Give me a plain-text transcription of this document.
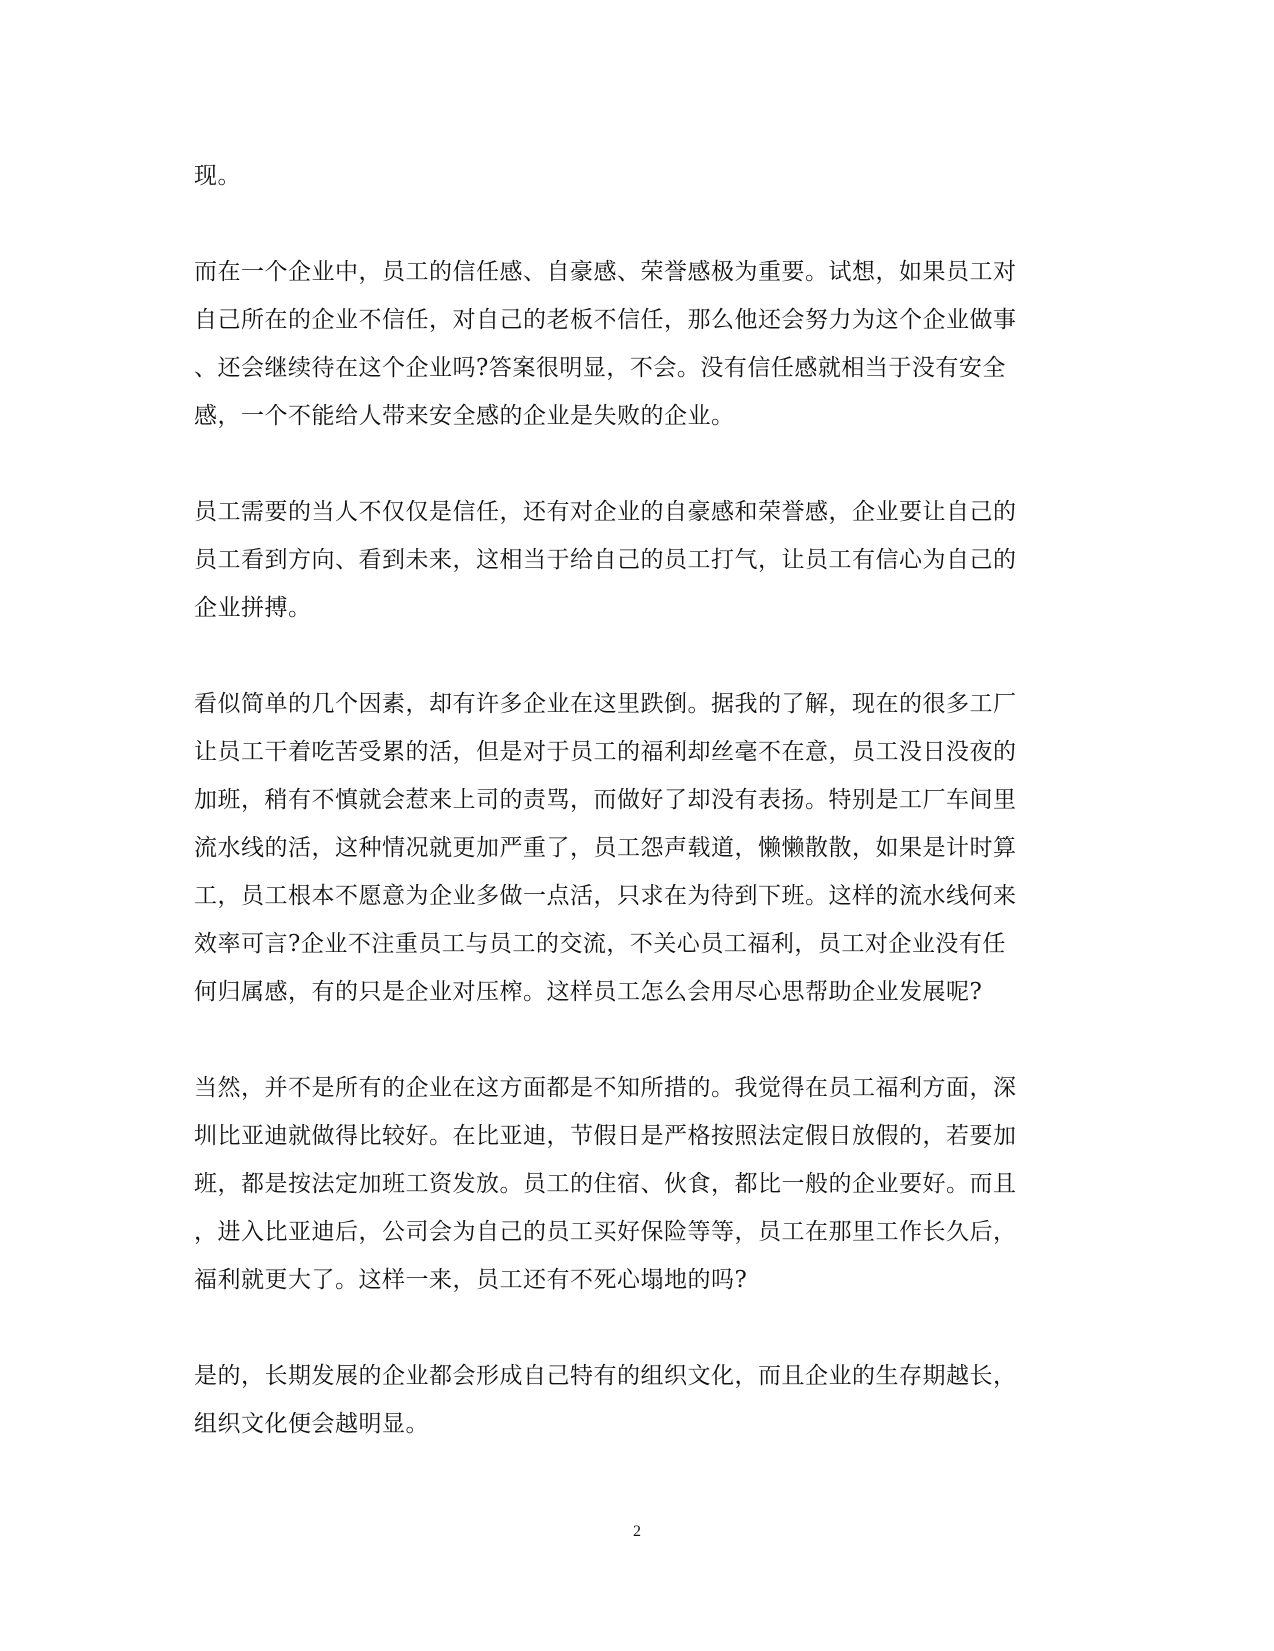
现。
而在一个企业中，员工的信任感、自豪感、荣誉感极为重要。试想，如果员工对
自己所在的企业不信任，对自己的老板不信任，那么他还会努力为这个企业做事
、还会继续待在这个企业吗?答案很明显，不会。没有信任感就相当于没有安全
感，一个不能给人带来安全感的企业是失败的企业。
员工需要的当人不仅仅是信任，还有对企业的自豪感和荣誉感，企业要让自己的
员工看到方向、看到未来，这相当于给自己的员工打气，让员工有信心为自己的
企业拼搏。
看似简单的几个因素，却有许多企业在这里跌倒。据我的了解，现在的很多工厂
让员工干着吃苦受累的活，但是对于员工的福利却丝毫不在意，员工没日没夜的
加班，稍有不慎就会惹来上司的责骂，而做好了却没有表扬。特别是工厂车间里
流水线的活，这种情况就更加严重了，员工怨声载道，懒懒散散，如果是计时算
工，员工根本不愿意为企业多做一点活，只求在为待到下班。这样的流水线何来
效率可言?企业不注重员工与员工的交流，不关心员工福利，员工对企业没有任
何归属感，有的只是企业对压榨。这样员工怎么会用尽心思帮助企业发展呢?
当然，并不是所有的企业在这方面都是不知所措的。我觉得在员工福利方面，深
圳比亚迪就做得比较好。在比亚迪，节假日是严格按照法定假日放假的，若要加
班，都是按法定加班工资发放。员工的住宿、伙食，都比一般的企业要好。而且
，进入比亚迪后，公司会为自己的员工买好保险等等，员工在那里工作长久后，
福利就更大了。这样一来，员工还有不死心塌地的吗?
是的，长期发展的企业都会形成自己特有的组织文化，而且企业的生存期越长，
组织文化便会越明显。
2
